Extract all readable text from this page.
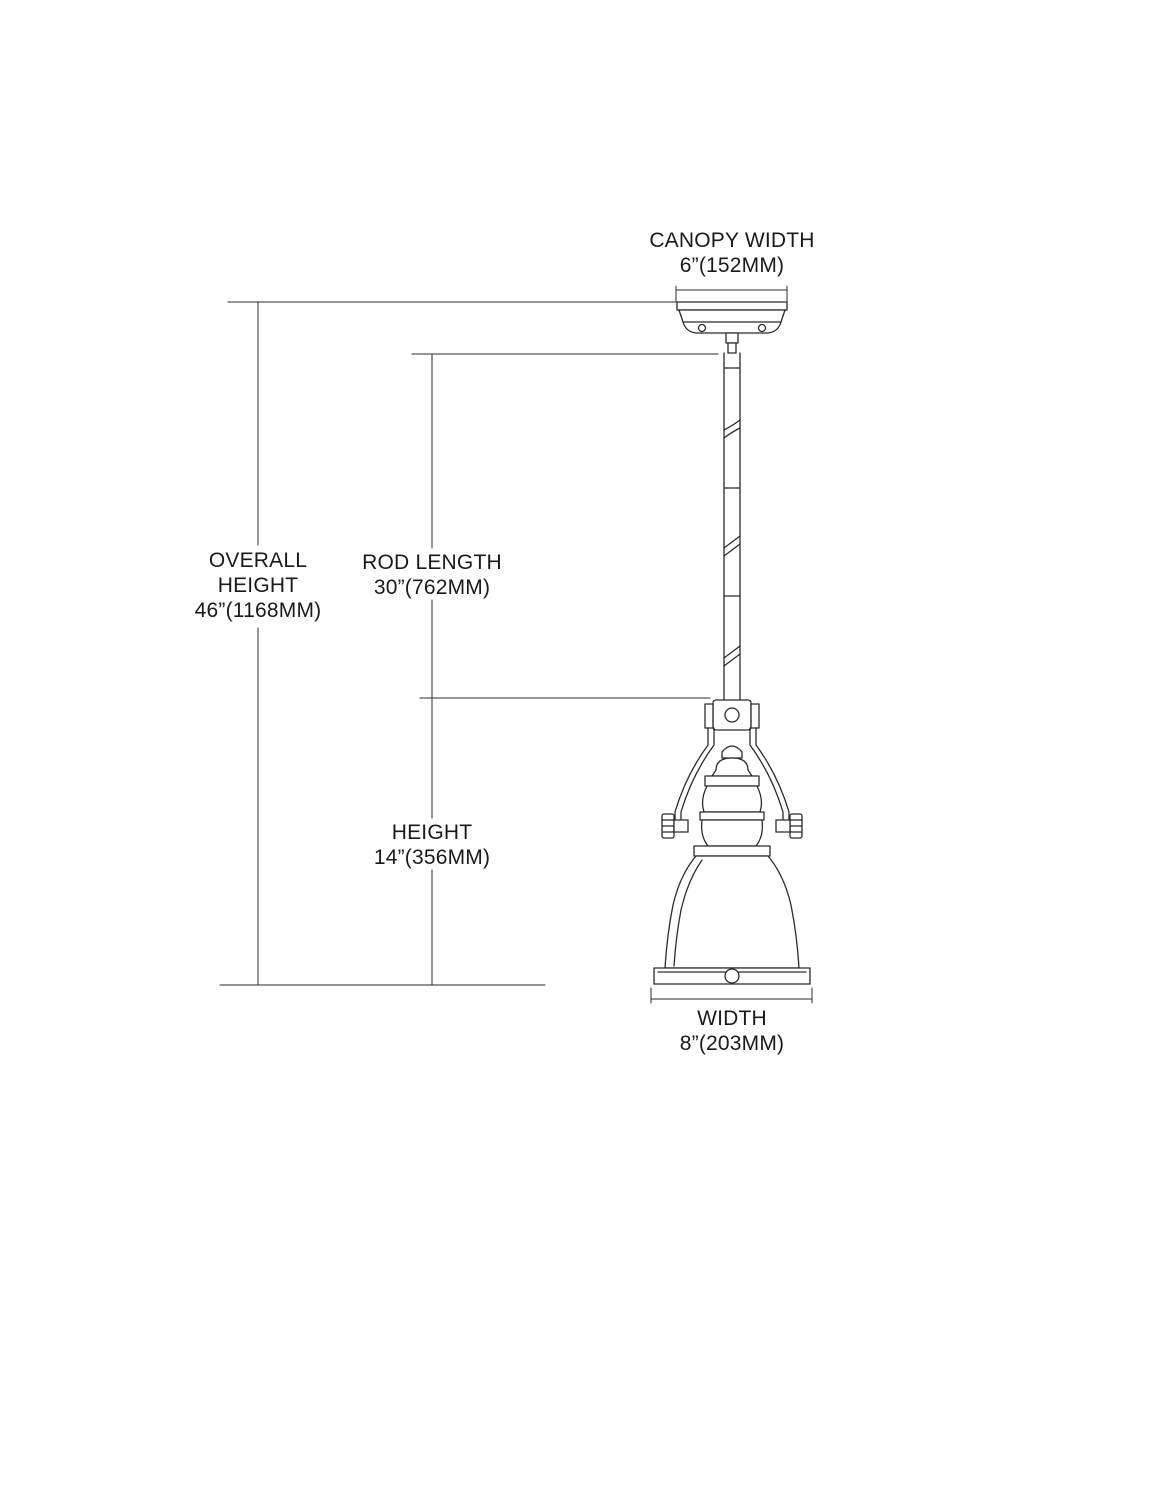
CANOPY WIDTH
6”(152MM)
OVERALL
HEIGHT
46”(1168MM)
ROD LENGTH
30”(762MM)
HEIGHT
14”(356MM)
WIDTH
8”(203MM)
